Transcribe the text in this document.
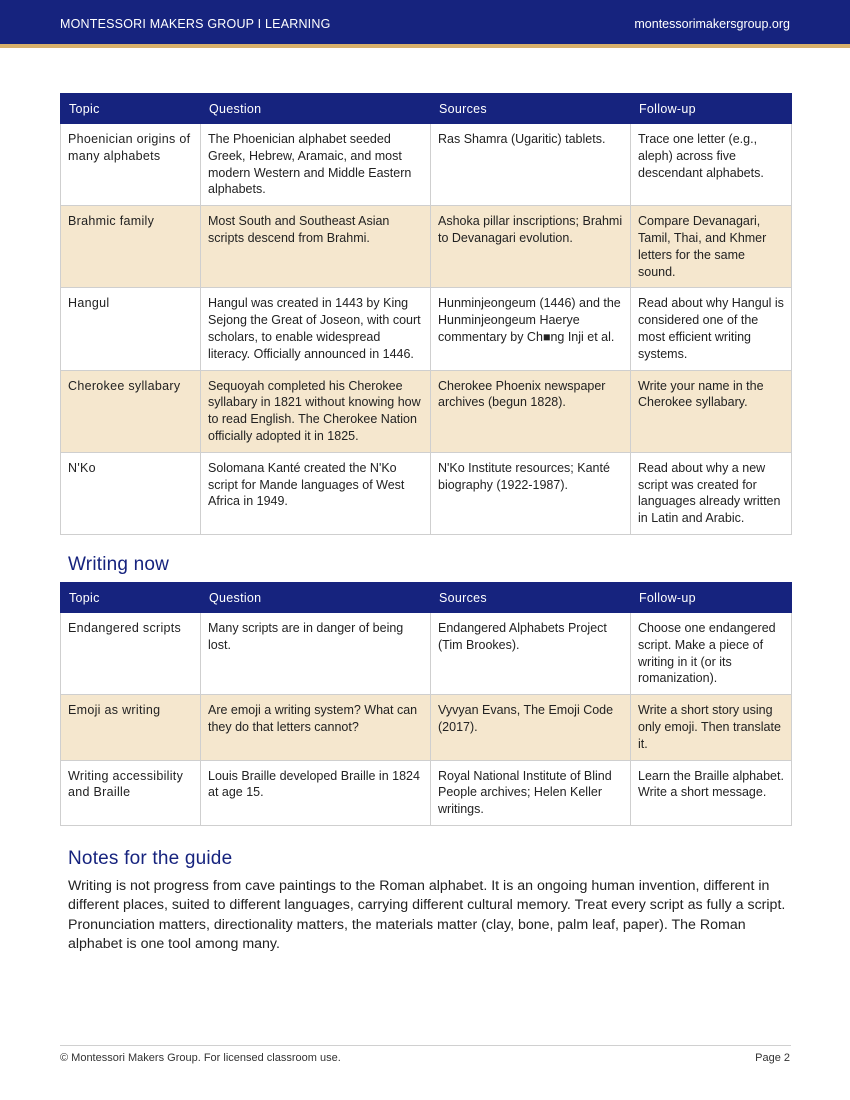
MONTESSORI MAKERS GROUP I LEARNING	montessorimakersgroup.org
Topic	Question	Sources	Follow-up
Phoenician origins of many alphabets	The Phoenician alphabet seeded Greek, Hebrew, Aramaic, and most modern Western and Middle Eastern alphabets.	Ras Shamra (Ugaritic) tablets.	Trace one letter (e.g., aleph) across five descendant alphabets.
Brahmic family	Most South and Southeast Asian scripts descend from Brahmi.	Ashoka pillar inscriptions; Brahmi to Devanagari evolution.	Compare Devanagari, Tamil, Thai, and Khmer letters for the same sound.
Hangul	Hangul was created in 1443 by King Sejong the Great of Joseon, with court scholars, to enable widespread literacy. Officially announced in 1446.	Hunminjeongeum (1446) and the Hunminjeongeum Haerye commentary by Ch■ng Inji et al.	Read about why Hangul is considered one of the most efficient writing systems.
Cherokee syllabary	Sequoyah completed his Cherokee syllabary in 1821 without knowing how to read English. The Cherokee Nation officially adopted it in 1825.	Cherokee Phoenix newspaper archives (begun 1828).	Write your name in the Cherokee syllabary.
N'Ko	Solomana Kanté created the N'Ko script for Mande languages of West Africa in 1949.	N'Ko Institute resources; Kanté biography (1922-1987).	Read about why a new script was created for languages already written in Latin and Arabic.
Writing now
Topic	Question	Sources	Follow-up
Endangered scripts	Many scripts are in danger of being lost.	Endangered Alphabets Project (Tim Brookes).	Choose one endangered script. Make a piece of writing in it (or its romanization).
Emoji as writing	Are emoji a writing system? What can they do that letters cannot?	Vyvyan Evans, The Emoji Code (2017).	Write a short story using only emoji. Then translate it.
Writing accessibility and Braille	Louis Braille developed Braille in 1824 at age 15.	Royal National Institute of Blind People archives; Helen Keller writings.	Learn the Braille alphabet. Write a short message.
Notes for the guide

Writing is not progress from cave paintings to the Roman alphabet. It is an ongoing human invention, different in different places, suited to different languages, carrying different cultural memory. Treat every script as fully a script. Pronunciation matters, directionality matters, the materials matter (clay, bone, palm leaf, paper). The Roman alphabet is one tool among many.

© Montessori Makers Group. For licensed classroom use.	Page 2
